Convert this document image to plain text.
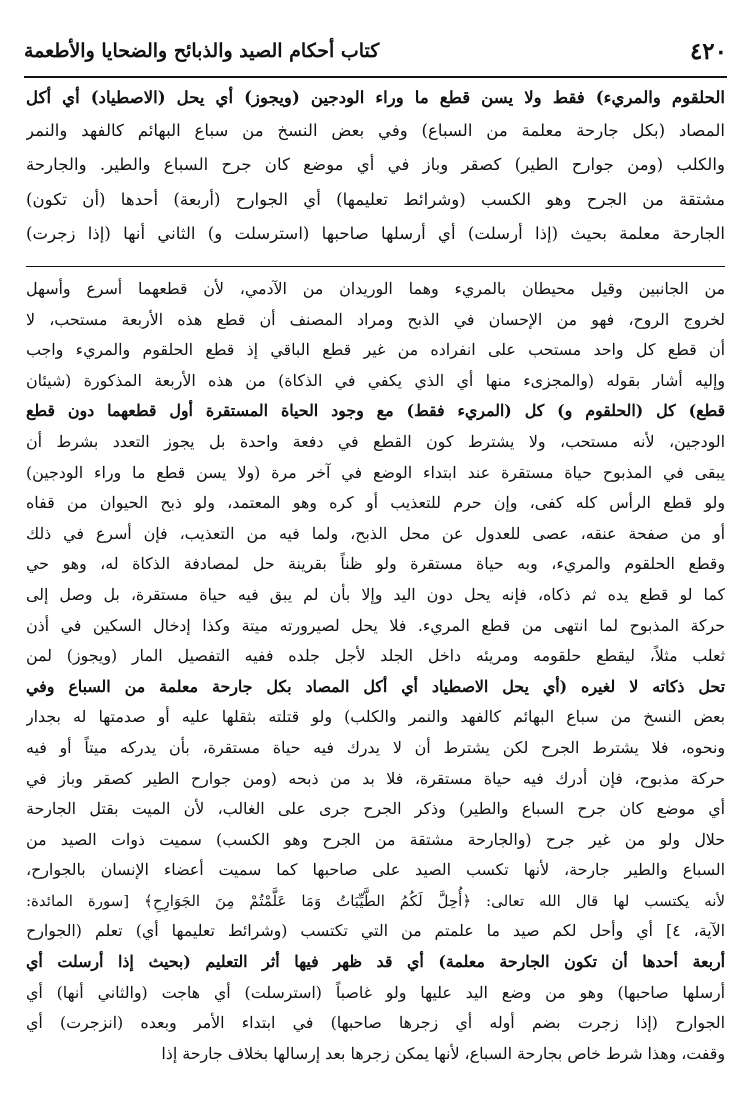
٤٢٠
كتاب أحكام الصيد والذبائح والضحايا والأطعمة
الحلقوم والمريء) فقط ولا يسن قطع ما وراء الودجين (ويجوز) أي يحل (الاصطياد) أي أكل
المصاد (بكل جارحة معلمة من السباع) وفي بعض النسخ من سباع البهائم كالفهد والنمر
والكلب (ومن جوارح الطير) كصقر وباز في أي موضع كان جرح السباع والطير. والجارحة
مشتقة من الجرح وهو الكسب (وشرائط تعليمها) أي الجوارح (أربعة) أحدها (أن تكون)
الجارحة معلمة بحيث (إذا أرسلت) أي أرسلها صاحبها (استرسلت و) الثاني أنها (إذا زجرت)
من الجانبين وقيل محيطان بالمريء وهما الوريدان من الآدمي، لأن قطعهما أسرع وأسهل
لخروج الروح، فهو من الإحسان في الذبح ومراد المصنف أن قطع هذه الأربعة مستحب، لا
أن قطع كل واحد مستحب على انفراده من غير قطع الباقي إذ قطع الحلقوم والمريء واجب
وإليه أشار بقوله (والمجزىء منها أي الذي يكفي في الذكاة) من هذه الأربعة المذكورة (شيئان
قطع) كل (الحلقوم و) كل (المريء فقط) مع وجود الحياة المستقرة أول قطعهما دون قطع
الودجين، لأنه مستحب، ولا يشترط كون القطع في دفعة واحدة بل يجوز التعدد بشرط أن
يبقى في المذبوح حياة مستقرة عند ابتداء الوضع في آخر مرة (ولا يسن قطع ما وراء الودجين)
ولو قطع الرأس كله كفى، وإن حرم للتعذيب أو كره وهو المعتمد، ولو ذبح الحيوان من قفاه
أو من صفحة عنقه، عصى للعدول عن محل الذبح، ولما فيه من التعذيب، فإن أسرع في ذلك
وقطع الحلقوم والمريء، وبه حياة مستقرة ولو ظناً بقرينة حل لمصادفة الذكاة له، وهو حي
كما لو قطع يده ثم ذكاه، فإنه يحل دون اليد وإلا بأن لم يبق فيه حياة مستقرة، بل وصل إلى
حركة المذبوح لما انتهى من قطع المريء. فلا يحل لصيرورته ميتة وكذا إدخال السكين في أذن
ثعلب مثلاً، ليقطع حلقومه ومريئه داخل الجلد لأجل جلده ففيه التفصيل المار (ويجوز) لمن
تحل ذكاته لا لغيره (أي يحل الاصطياد أي أكل المصاد بكل جارحة معلمة من السباع وفي
بعض النسخ من سباع البهائم كالفهد والنمر والكلب) ولو قتلته بثقلها عليه أو صدمتها له بجدار
ونحوه، فلا يشترط الجرح لكن يشترط أن لا يدرك فيه حياة مستقرة، بأن يدركه ميتاً أو فيه
حركة مذبوح، فإن أدرك فيه حياة مستقرة، فلا بد من ذبحه (ومن جوارح الطير كصقر وباز في
أي موضع كان جرح السباع والطير) وذكر الجرح جرى على الغالب، لأن الميت بقتل الجارحة
حلال ولو من غير جرح (والجارحة مشتقة من الجرح وهو الكسب) سميت ذوات الصيد من
السباع والطير جارحة، لأنها تكسب الصيد على صاحبها كما سميت أعضاء الإنسان بالجوارح،
لأنه يكتسب لها قال الله تعالى: ﴿أُحِلَّ لَكُمُ الطَّيِّبَاتُ وَمَا عَلَّمْتُمْ مِنَ الجَوَارِحِ﴾ [سورة المائدة:
الآية، ٤] أي وأحل لكم صيد ما علمتم من التي تكتسب (وشرائط تعليمها أي) تعلم (الجوارح
أربعة أحدها أن تكون الجارحة معلمة) أي قد ظهر فيها أثر التعليم (بحيث إذا أرسلت أي
أرسلها صاحبها) وهو من وضع اليد عليها ولو غاصباً (استرسلت) أي هاجت (والثاني أنها) أي
الجوارح (إذا زجرت بضم أوله أي زجرها صاحبها) في ابتداء الأمر وبعده (انزجرت) أي
وقفت، وهذا شرط خاص بجارحة السباع، لأنها يمكن زجرها بعد إرسالها بخلاف جارحة إذا
